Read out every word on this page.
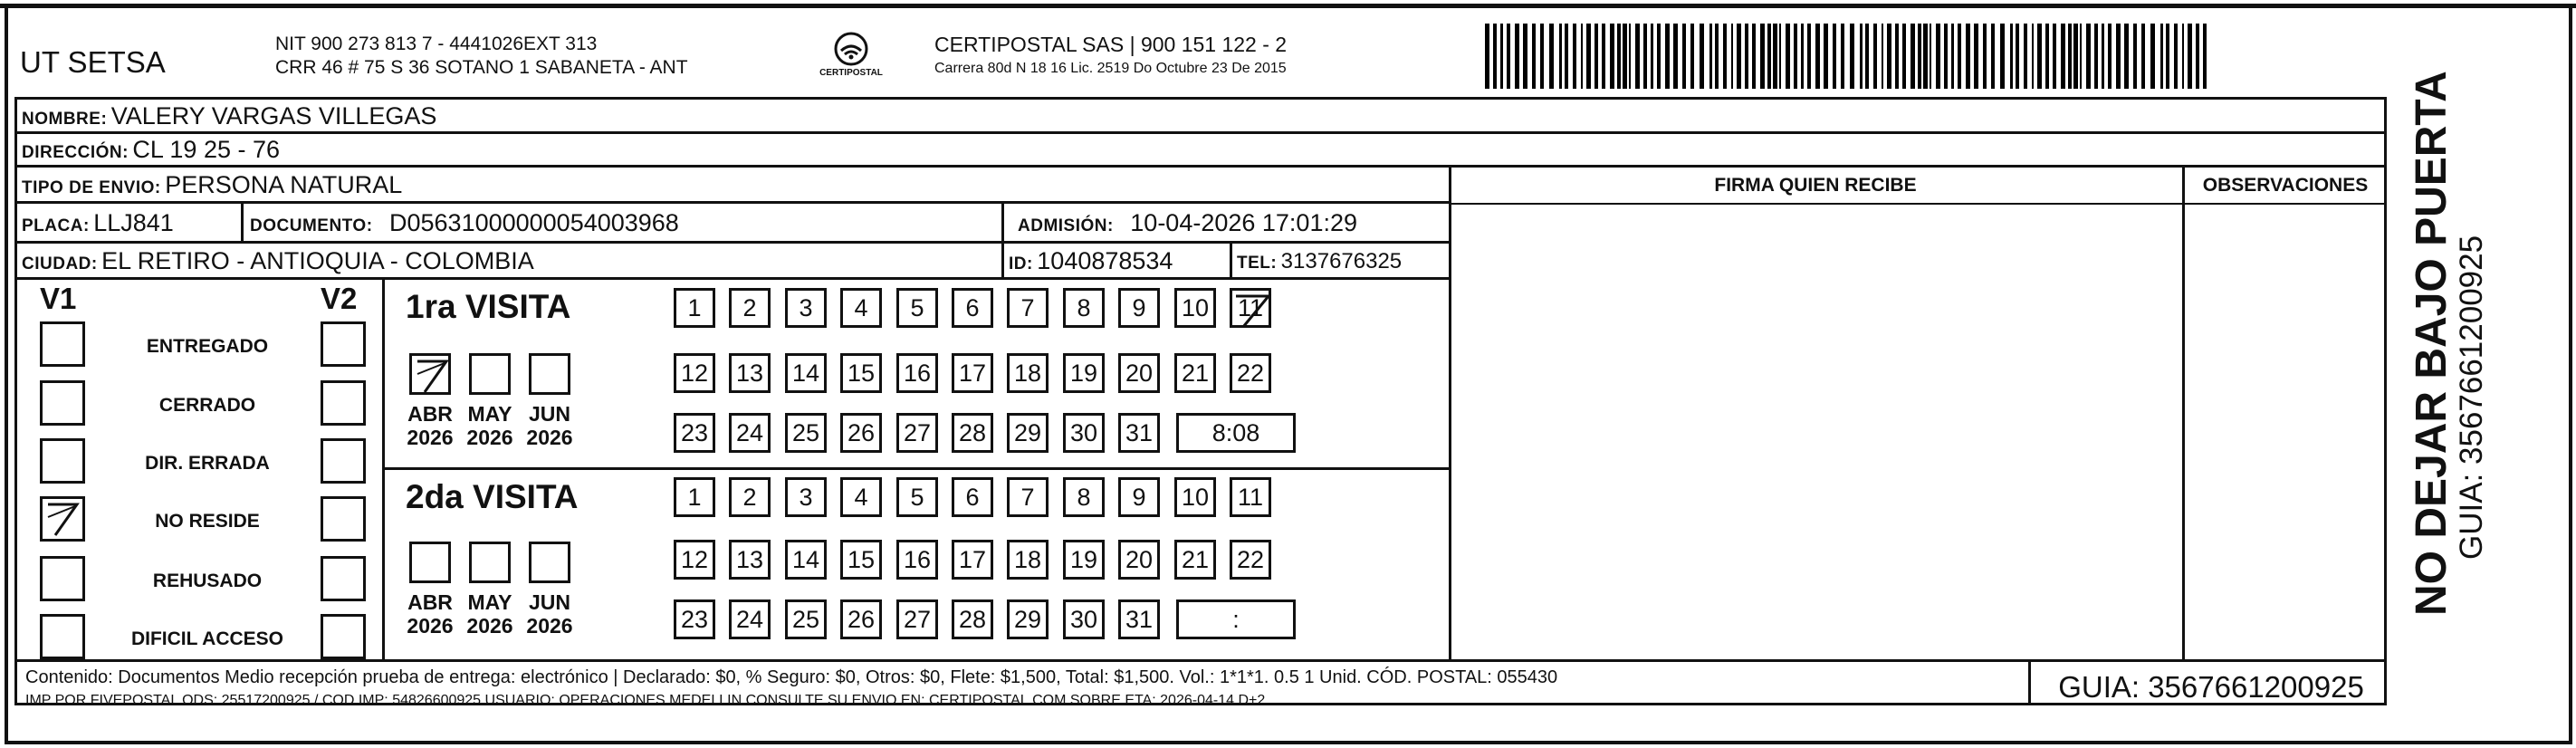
UT SETSA
NIT 900 273 813 7 - 4441026EXT 313
CRR 46 # 75 S 36 SOTANO 1 SABANETA - ANT	CERTIPOSTAL
CERTIPOSTAL SAS | 900 151 122 - 2
Carrera 80d N 18 16 Lic. 2519 Do Octubre 23 De 2015
NOMBRE: VALERY VARGAS VILLEGAS
DIRECCIÓN: CL 19 25 - 76
TIPO DE ENVIO: PERSONA NATURAL
PLACA: LLJ841	DOCUMENTO: D05631000000054003968	ADMISIÓN: 10-04-2026 17:01:29
CIUDAD: EL RETIRO - ANTIOQUIA - COLOMBIA	ID: 1040878534	TEL: 3137676325
FIRMA QUIEN RECIBE	OBSERVACIONES
V1	V2
ENTREGADO
CERRADO
DIR. ERRADA
NO RESIDE
REHUSADO
DIFICIL ACCESO
1ra VISITA
ABR
2026
MAY
2026
JUN
2026
1	2	3	4	5	6	7	8	9	10 11
12 13 14 15 16 17 18 19 20 21 22
23 24 25 26 27 28 29 30 31	8:08
2da VISITA
ABR
2026
MAY
2026
JUN
2026
1	2	3	4	5	6	7	8	9	10	11
12 13 14 15 16 17 18 19 20 21 22
23 24 25 26 27 28 29 30 31	:
Contenido: Documentos Medio recepción prueba de entrega: electrónico | Declarado: $0, % Seguro: $0, Otros: $0, Flete: $1,500, Total: $1,500. Vol.: 1*1*1. 0.5 1 Unid. CÓD. POSTAL: 055430
IMP POR FIVEPOSTAL ODS: 25517200925 / COD.IMP: 54826600925 USUARIO: OPERACIONES MEDELLIN CONSULTE SU ENVIO EN: CERTIPOSTAL.COM SOBRE ETA: 2026-04-14 D+2	GUIA: 3567661200925
NO DEJAR BAJO PUERTA
GUIA: 3567661200925
